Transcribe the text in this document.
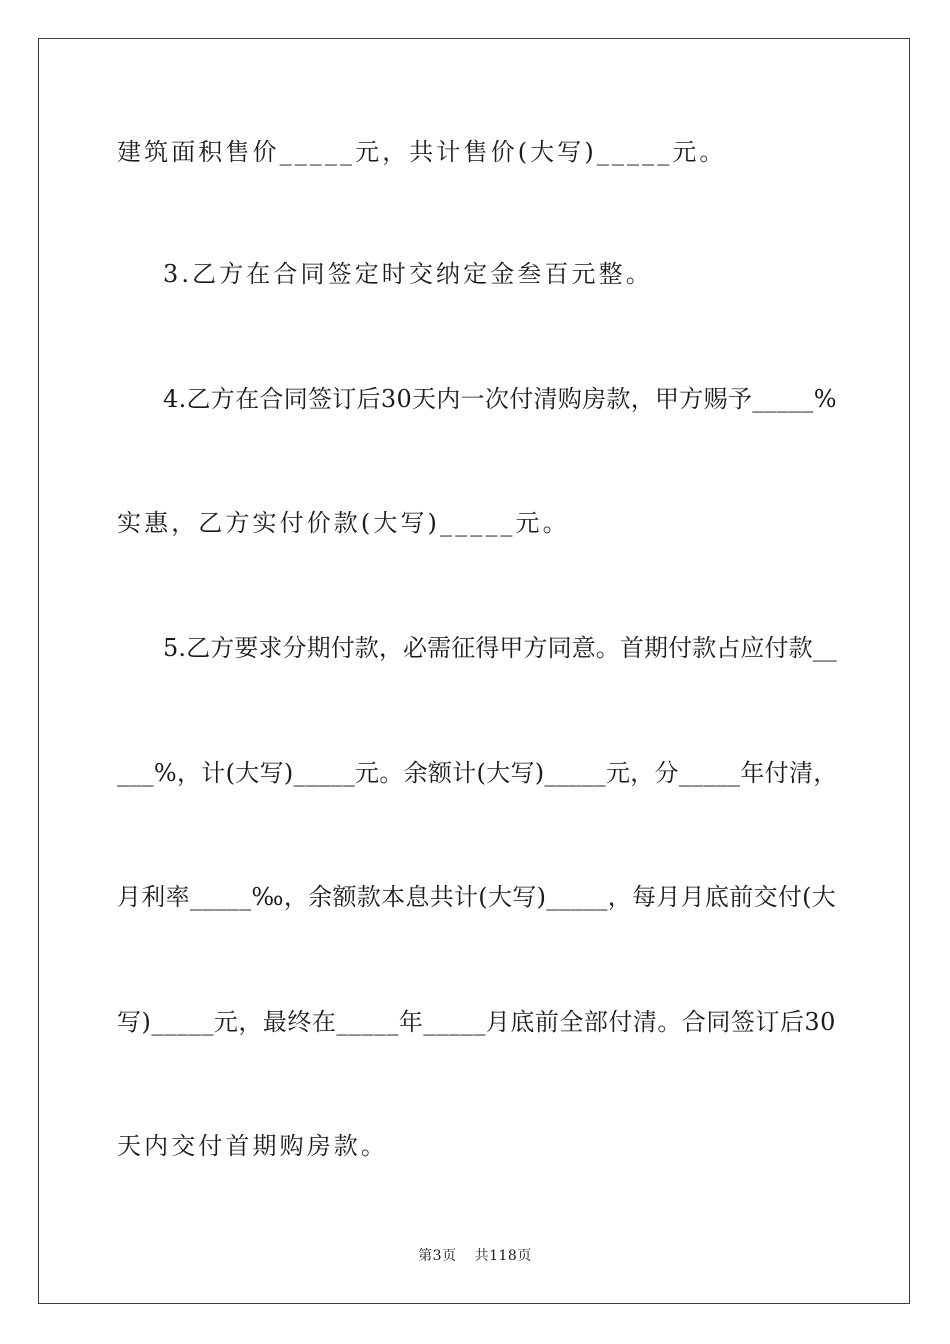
建筑面积售价_____元，共计售价(大写)_____元。
3.乙方在合同签定时交纳定金叁百元整。
4.乙方在合同签订后30天内一次付清购房款，甲方赐予_____%
实惠，乙方实付价款(大写)_____元。
5.乙方要求分期付款，必需征得甲方同意。首期付款占应付款__
___%，计(大写)_____元。余额计(大写)_____元，分_____年付清，
月利率_____‰，余额款本息共计(大写)_____，每月月底前交付(大
写)_____元，最终在_____年_____月底前全部付清。合同签订后30
天内交付首期购房款。
第3页 共118页
